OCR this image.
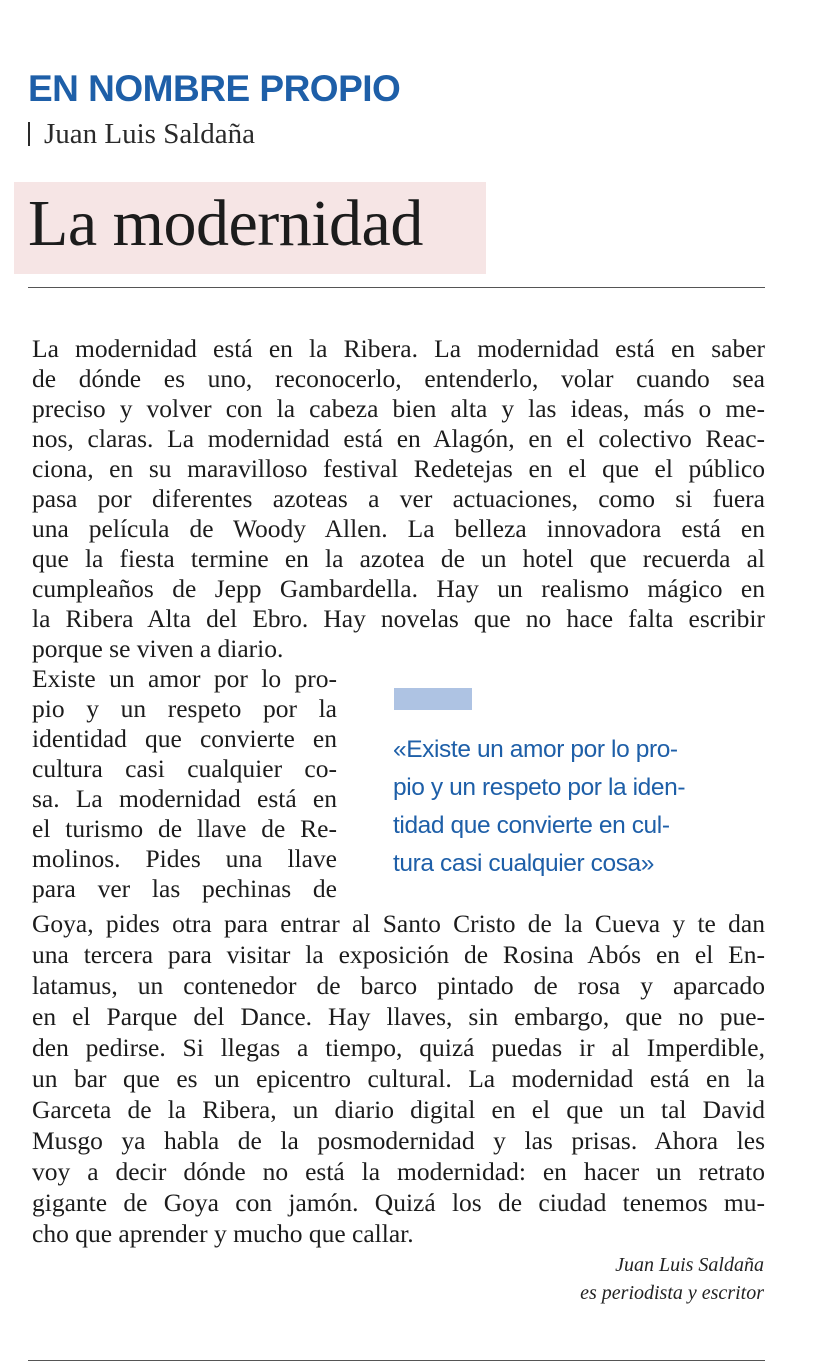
EN NOMBRE PROPIO
Juan Luis Saldaña
La modernidad
La modernidad está en la Ribera. La modernidad está en saber
de dónde es uno, reconocerlo, entenderlo, volar cuando sea
preciso y volver con la cabeza bien alta y las ideas, más o me-
nos, claras. La modernidad está en Alagón, en el colectivo Reac-
ciona, en su maravilloso festival Redetejas en el que el público
pasa por diferentes azoteas a ver actuaciones, como si fuera
una película de Woody Allen. La belleza innovadora está en
que la fiesta termine en la azotea de un hotel que recuerda al
cumpleaños de Jepp Gambardella. Hay un realismo mágico en
la Ribera Alta del Ebro. Hay novelas que no hace falta escribir
porque se viven a diario.
Existe un amor por lo pro-
pio y un respeto por la
identidad que convierte en
cultura casi cualquier co-
sa. La modernidad está en
el turismo de llave de Re-
molinos. Pides una llave
para ver las pechinas de
«Existe un amor por lo pro-
pio y un respeto por la iden-
tidad que convierte en cul-
tura casi cualquier cosa»
Goya, pides otra para entrar al Santo Cristo de la Cueva y te dan
una tercera para visitar la exposición de Rosina Abós en el En-
latamus, un contenedor de barco pintado de rosa y aparcado
en el Parque del Dance. Hay llaves, sin embargo, que no pue-
den pedirse. Si llegas a tiempo, quizá puedas ir al Imperdible,
un bar que es un epicentro cultural. La modernidad está en la
Garceta de la Ribera, un diario digital en el que un tal David
Musgo ya habla de la posmodernidad y las prisas. Ahora les
voy a decir dónde no está la modernidad: en hacer un retrato
gigante de Goya con jamón. Quizá los de ciudad tenemos mu-
cho que aprender y mucho que callar.
Juan Luis Saldaña
es periodista y escritor
